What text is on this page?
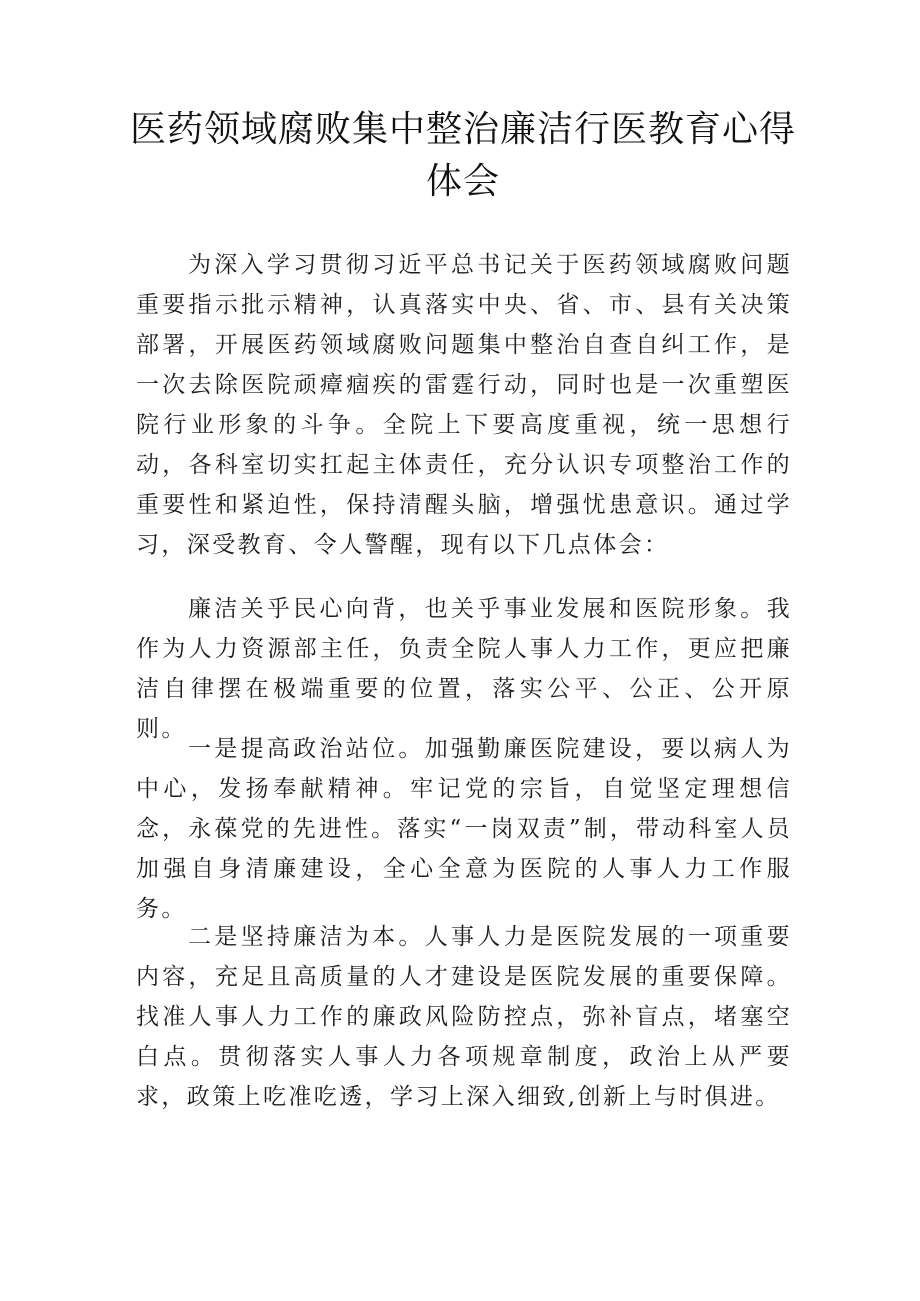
医药领域腐败集中整治廉洁行医教育心得体会

为深入学习贯彻习近平总书记关于医药领域腐败问题重要指示批示精神，认真落实中央、省、市、县有关决策部署，开展医药领域腐败问题集中整治自查自纠工作，是一次去除医院顽瘴痼疾的雷霆行动，同时也是一次重塑医院行业形象的斗争。全院上下要高度重视，统一思想行动，各科室切实扛起主体责任，充分认识专项整治工作的重要性和紧迫性，保持清醒头脑，增强忧患意识。通过学习，深受教育、令人警醒，现有以下几点体会：

廉洁关乎民心向背，也关乎事业发展和医院形象。我作为人力资源部主任，负责全院人事人力工作，更应把廉洁自律摆在极端重要的位置，落实公平、公正、公开原则。

一是提高政治站位。加强勤廉医院建设，要以病人为中心，发扬奉献精神。牢记党的宗旨，自觉坚定理想信念，永葆党的先进性。落实“一岗双责”制，带动科室人员加强自身清廉建设，全心全意为医院的人事人力工作服务。

二是坚持廉洁为本。人事人力是医院发展的一项重要内容，充足且高质量的人才建设是医院发展的重要保障。找准人事人力工作的廉政风险防控点，弥补盲点，堵塞空白点。贯彻落实人事人力各项规章制度，政治上从严要求，政策上吃准吃透，学习上深入细致,创新上与时俱进。
